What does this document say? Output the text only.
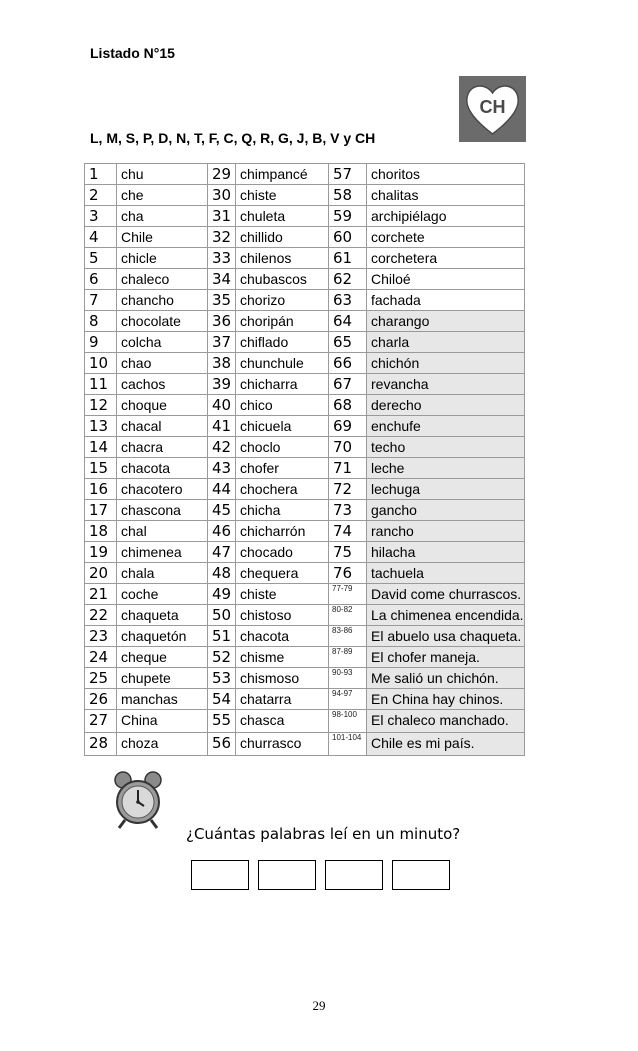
Listado N°15
CH
L, M, S, P, D, N, T, F, C, Q, R, G, J, B, V y CH
1	chu	29	chimpancé	57	choritos
2	che	30	chiste	58	chalitas
3	cha	31	chuleta	59	archipiélago
4	Chile	32	chillido	60	corchete
5	chicle	33	chilenos	61	corchetera
6	chaleco	34	chubascos	62	Chiloé
7	chancho	35	chorizo	63	fachada
8	chocolate	36	choripán	64	charango
9	colcha	37	chiflado	65	charla
10	chao	38	chunchule	66	chichón
11	cachos	39	chicharra	67	revancha
12	choque	40	chico	68	derecho
13	chacal	41	chicuela	69	enchufe
14	chacra	42	choclo	70	techo
15	chacota	43	chofer	71	leche
16	chacotero	44	chochera	72	lechuga
17	chascona	45	chicha	73	gancho
18	chal	46	chicharrón	74	rancho
19	chimenea	47	chocado	75	hilacha
20	chala	48	chequera	76	tachuela
21	coche	49	chiste	77-79	David come churrascos.
22	chaqueta	50	chistoso	80-82	La chimenea encendida.
23	chaquetón	51	chacota	83-86	El abuelo usa chaqueta.
24	cheque	52	chisme	87-89	El chofer maneja.
25	chupete	53	chismoso	90-93	Me salió un chichón.
26	manchas	54	chatarra	94-97	En China hay chinos.
27	China	55	chasca	98-100	El chaleco manchado.
28	choza	56	churrasco	101-104	Chile es mi país.
¿Cuántas palabras leí en un minuto?
29
